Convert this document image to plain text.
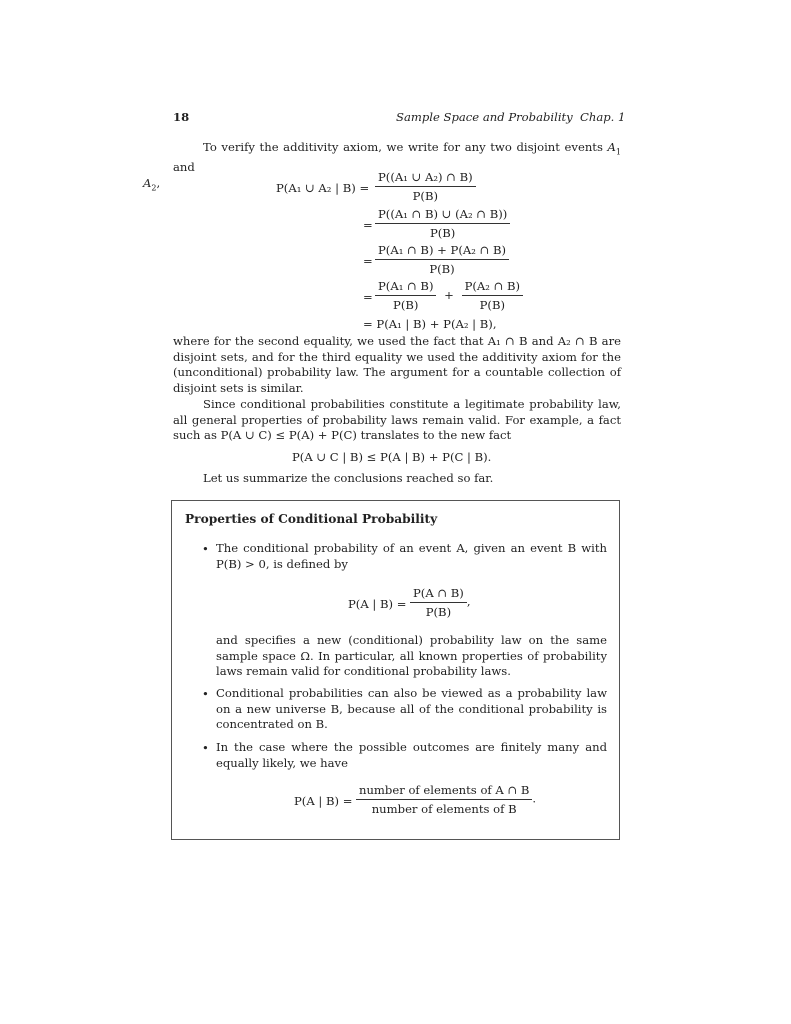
18	Sample Space and Probability Chap. 1
To verify the additivity axiom, we write for any two disjoint events $A_1$ and
$A_2$,	P(A₁ ∪ A₂ | $B) = \frac{\text{P((A₁ ∪ A₂) ∩ B)}}{P(B)}$
= $\frac{\text{P((A₁ ∩ B) ∪ (A₂ ∩ B))}}{P(B)}$
= $\frac{\text{P(A₁ ∩ B) + P(A₂ ∩ B)}}{P(B)}$
= $\frac{\text{P(A₁ ∩ B)}}{P(B)} + \frac{\text{P(A₂ ∩ B)}}{P(B)}$
= P(A₁ | B) + P(A₂ | B),
where for the second equality, we used the fact that A₁ ∩ B and A₂ ∩ B are disjoint sets, and for the third equality we used the additivity axiom for the (unconditional) probability law. The argument for a countable collection of disjoint sets is similar.
Since conditional probabilities constitute a legitimate probability law, all general properties of probability laws remain valid. For example, a fact such as P(A ∪ C) ≤ P(A) + P(C) translates to the new fact
P(A ∪ C | B) ≤ P(A | B) + P(C | B).
Let us summarize the conclusions reached so far.
Properties of Conditional Probability
• The conditional probability of an event A, given an event B with P(B) > 0, is defined by
P(A | $B) = \frac{P(A \cap B)}{P(B)}$ ,
and specifies a new (conditional) probability law on the same sample space Ω. In particular, all known properties of probability laws remain valid for conditional probability laws.
• Conditional probabilities can also be viewed as a probability law on a new universe B, because all of the conditional probability is concentrated on B.
• In the case where the possible outcomes are finitely many and equally likely, we have
P(A | $B) = \frac{\text{number of elements of A ∩ B}}{\text{number of elements of B}}$ .
